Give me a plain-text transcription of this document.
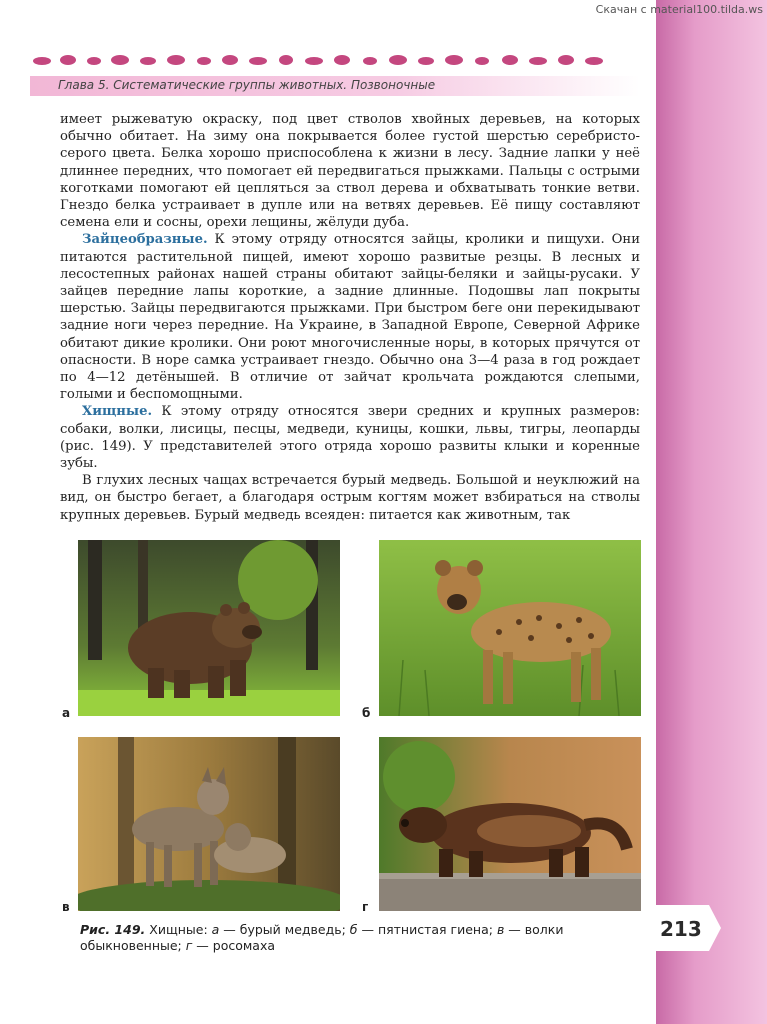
Скачан с material100.tilda.ws
Глава 5. Систематические группы животных. Позвоночные

имеет рыжеватую окраску, под цвет стволов хвойных деревьев, на которых обычно обитает. На зиму она покрывается более густой шерстью серебристо-серого цвета. Белка хорошо приспособлена к жизни в лесу. Задние лапки у неё длиннее передних, что помогает ей передвигаться прыжками. Пальцы с острыми коготками помогают ей цепляться за ствол дерева и обхватывать тонкие ветви. Гнездо белка устраивает в дупле или на ветвях деревьев. Её пищу составляют семена ели и сосны, орехи лещины, жёлуди дуба.

Зайцеобразные. К этому отряду относятся зайцы, кролики и пищухи. Они питаются растительной пищей, имеют хорошо развитые резцы. В лесных и лесостепных районах нашей страны обитают зайцы-беляки и зайцы-русаки. У зайцев передние лапы короткие, а задние длинные. Подошвы лап покрыты шерстью. Зайцы передвигаются прыжками. При быстром беге они перекидывают задние ноги через передние. На Украине, в Западной Европе, Северной Африке обитают дикие кролики. Они роют многочисленные норы, в которых прячутся от опасности. В норе самка устраивает гнездо. Обычно она 3—4 раза в год рождает по 4—12 детёнышей. В отличие от зайчат крольчата рождаются слепыми, голыми и беспомощными.

Хищные. К этому отряду относятся звери средних и крупных размеров: собаки, волки, лисицы, песцы, медведи, куницы, кошки, львы, тигры, леопарды (рис. 149). У представителей этого отряда хорошо развиты клыки и коренные зубы.

В глухих лесных чащах встречается бурый медведь. Большой и неуклюжий на вид, он быстро бегает, а благодаря острым когтям может взбираться на стволы крупных деревьев. Бурый медведь всеяден: питается как животным, так

а	б
в	г
Рис. 149. Хищные: а — бурый медведь; б — пятнистая гиена; в — волки обыкновенные; г — росомаха
213
